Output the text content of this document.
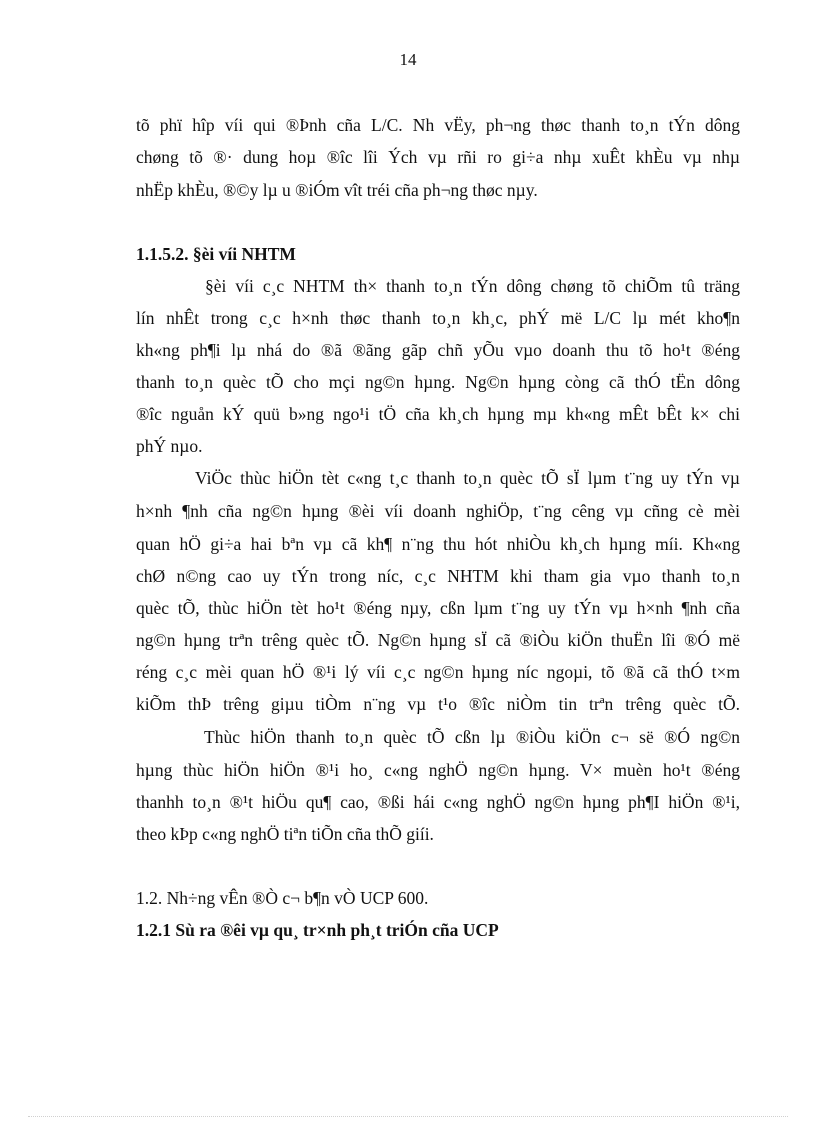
14
tõ phï hîp víi qui ®Þnh cña L/C. Nh vËy, ph¬ng thøc thanh to¸n tÝn dông
chøng tõ ®· dung hoµ ®îc lîi Ých vµ rñi ro gi÷a nhµ xuÊt khÈu vµ nhµ
nhËp khÈu, ®©y lµ u ®iÓm vît tréi cña ph¬ng thøc nµy.
1.1.5.2. §èi víi NHTM
§èi víi c¸c NHTM th× thanh to¸n tÝn dông chøng tõ chiÕm tû träng
lín nhÊt trong c¸c h×nh thøc thanh to¸n kh¸c, phÝ më L/C lµ mét kho¶n
kh«ng ph¶i lµ nhá do ®ã ®ãng gãp chñ yÕu vµo doanh thu tõ ho¹t ®éng
thanh to¸n quèc tÕ cho mçi ng©n hµng. Ng©n hµng còng cã thÓ tËn dông
®îc nguån kÝ quü b»ng ngo¹i tÖ cña kh¸ch hµng mµ kh«ng mÊt bÊt k× chi
phÝ nµo.
ViÖc thùc hiÖn tèt c«ng t¸c thanh to¸n quèc tÕ sÏ lµm t¨ng uy tÝn vµ
h×nh ¶nh cña ng©n hµng ®èi víi doanh nghiÖp, t¨ng cêng vµ cñng cè mèi
quan hÖ gi÷a hai bªn vµ cã kh¶ n¨ng thu hót nhiÒu kh¸ch hµng míi. Kh«ng
chØ n©ng cao uy tÝn trong níc, c¸c NHTM khi tham gia vµo thanh to¸n
quèc tÕ, thùc hiÖn tèt ho¹t ®éng nµy, cßn lµm t¨ng uy tÝn vµ h×nh ¶nh cña
ng©n hµng trªn trêng quèc tÕ. Ng©n hµng sÏ cã ®iÒu kiÖn thuËn lîi ®Ó më
réng c¸c mèi quan hÖ ®¹i lý víi c¸c ng©n hµng níc ngoµi, tõ ®ã cã thÓ t×m
kiÕm thÞ trêng giµu tiÒm n¨ng vµ t¹o ®îc niÒm tin trªn trêng quèc tÕ.
Thùc hiÖn thanh to¸n quèc tÕ cßn lµ ®iÒu kiÖn c¬ së ®Ó ng©n
hµng thùc hiÖn hiÖn ®¹i ho¸ c«ng nghÖ ng©n hµng. V× muèn ho¹t ®éng
thanhh to¸n ®¹t hiÖu qu¶ cao, ®ßi hái c«ng nghÖ ng©n hµng ph¶I hiÖn ®¹i,
theo kÞp c«ng nghÖ tiªn tiÕn cña thÕ giíi.
1.2. Nh÷ng vÊn ®Ò c¬ b¶n vÒ UCP 600.
1.2.1 Sù ra ®êi vµ qu¸ tr×nh ph¸t triÓn cña UCP
